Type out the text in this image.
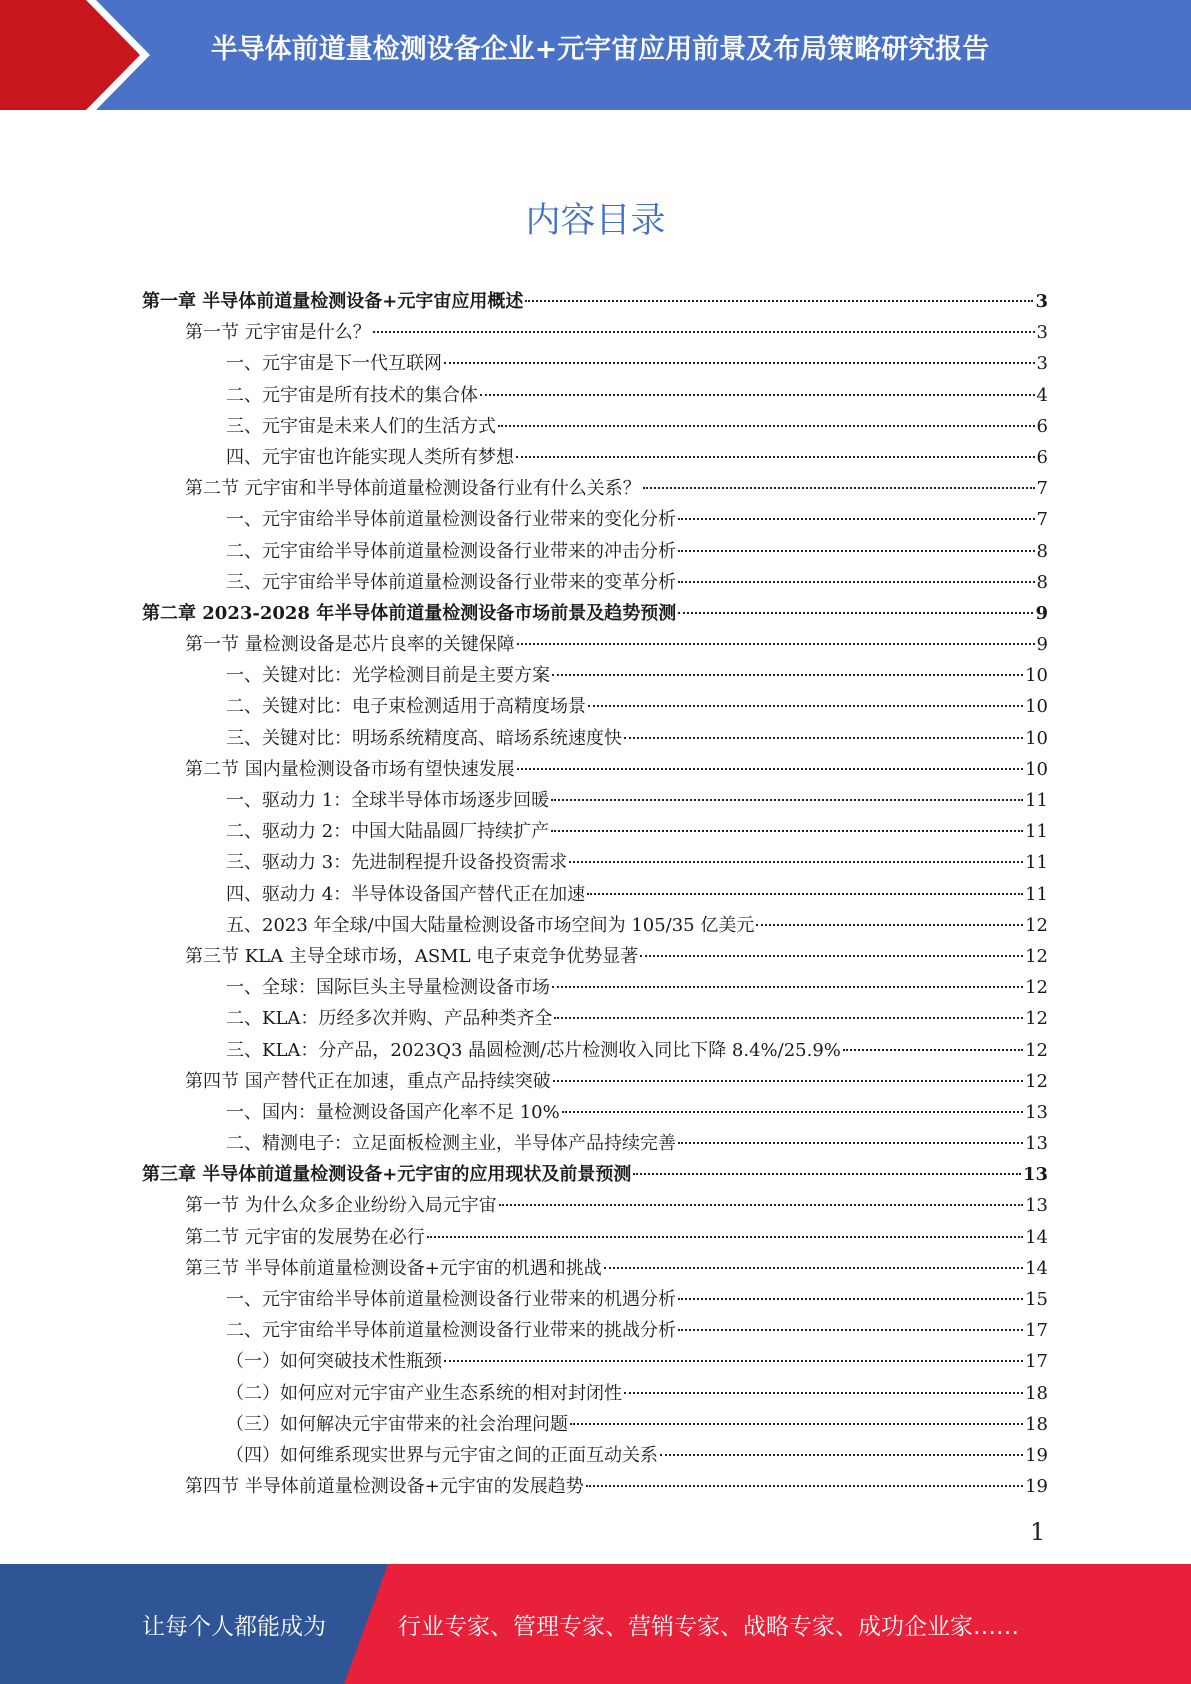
半导体前道量检测设备企业+元宇宙应用前景及布局策略研究报告
内容目录
第一章 半导体前道量检测设备+元宇宙应用概述	3
第一节 元宇宙是什么？	3
一、元宇宙是下一代互联网	3
二、元宇宙是所有技术的集合体	4
三、元宇宙是未来人们的生活方式	6
四、元宇宙也许能实现人类所有梦想	6
第二节 元宇宙和半导体前道量检测设备行业有什么关系？	7
一、元宇宙给半导体前道量检测设备行业带来的变化分析	7
二、元宇宙给半导体前道量检测设备行业带来的冲击分析	8
三、元宇宙给半导体前道量检测设备行业带来的变革分析	8
第二章 2023-2028 年半导体前道量检测设备市场前景及趋势预测	9
第一节 量检测设备是芯片良率的关键保障	9
一、关键对比：光学检测目前是主要方案	10
二、关键对比：电子束检测适用于高精度场景	10
三、关键对比：明场系统精度高、暗场系统速度快	10
第二节 国内量检测设备市场有望快速发展	10
一、驱动力 1：全球半导体市场逐步回暖	11
二、驱动力 2：中国大陆晶圆厂持续扩产	11
三、驱动力 3：先进制程提升设备投资需求	11
四、驱动力 4：半导体设备国产替代正在加速	11
五、2023 年全球/中国大陆量检测设备市场空间为 105/35 亿美元	12
第三节 KLA 主导全球市场，ASML 电子束竞争优势显著	12
一、全球：国际巨头主导量检测设备市场	12
二、KLA：历经多次并购、产品种类齐全	12
三、KLA：分产品，2023Q3 晶圆检测/芯片检测收入同比下降 8.4%/25.9%	12
第四节 国产替代正在加速，重点产品持续突破	12
一、国内：量检测设备国产化率不足 10%	13
二、精测电子：立足面板检测主业，半导体产品持续完善	13
第三章 半导体前道量检测设备+元宇宙的应用现状及前景预测	13
第一节 为什么众多企业纷纷入局元宇宙	13
第二节 元宇宙的发展势在必行	14
第三节 半导体前道量检测设备+元宇宙的机遇和挑战	14
一、元宇宙给半导体前道量检测设备行业带来的机遇分析	15
二、元宇宙给半导体前道量检测设备行业带来的挑战分析	17
（一）如何突破技术性瓶颈	17
（二）如何应对元宇宙产业生态系统的相对封闭性	18
（三）如何解决元宇宙带来的社会治理问题	18
（四）如何维系现实世界与元宇宙之间的正面互动关系	19
第四节 半导体前道量检测设备+元宇宙的发展趋势	19
1
让每个人都能成为	行业专家、管理专家、营销专家、战略专家、成功企业家……
